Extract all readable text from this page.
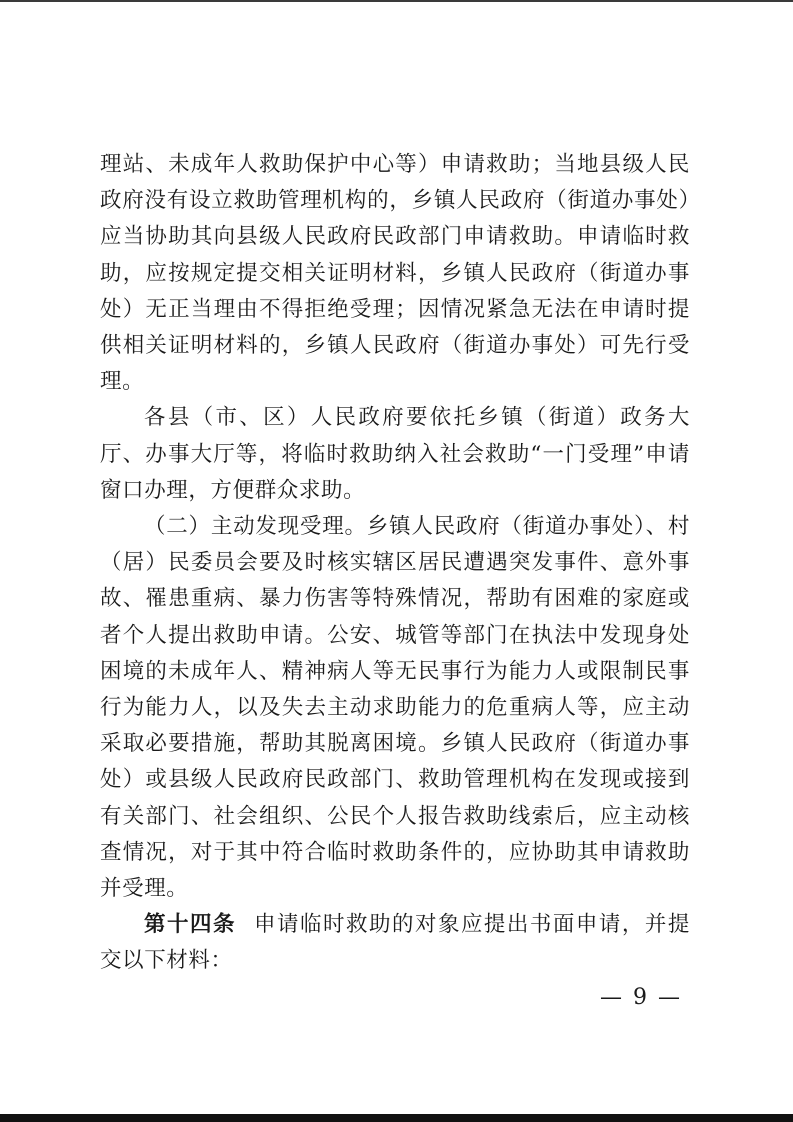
理站、未成年人救助保护中心等）申请救助；当地县级人民政府没有设立救助管理机构的，乡镇人民政府（街道办事处）应当协助其向县级人民政府民政部门申请救助。申请临时救助，应按规定提交相关证明材料，乡镇人民政府（街道办事处）无正当理由不得拒绝受理；因情况紧急无法在申请时提供相关证明材料的，乡镇人民政府（街道办事处）可先行受理。

各县（市、区）人民政府要依托乡镇（街道）政务大厅、办事大厅等，将临时救助纳入社会救助“一门受理”申请窗口办理，方便群众求助。

（二）主动发现受理。乡镇人民政府（街道办事处）、村（居）民委员会要及时核实辖区居民遭遇突发事件、意外事故、罹患重病、暴力伤害等特殊情况，帮助有困难的家庭或者个人提出救助申请。公安、城管等部门在执法中发现身处困境的未成年人、精神病人等无民事行为能力人或限制民事行为能力人，以及失去主动求助能力的危重病人等，应主动采取必要措施，帮助其脱离困境。乡镇人民政府（街道办事处）或县级人民政府民政部门、救助管理机构在发现或接到有关部门、社会组织、公民个人报告救助线索后，应主动核查情况，对于其中符合临时救助条件的，应协助其申请救助并受理。

第十四条 申请临时救助的对象应提出书面申请，并提交以下材料：

— 9 —
